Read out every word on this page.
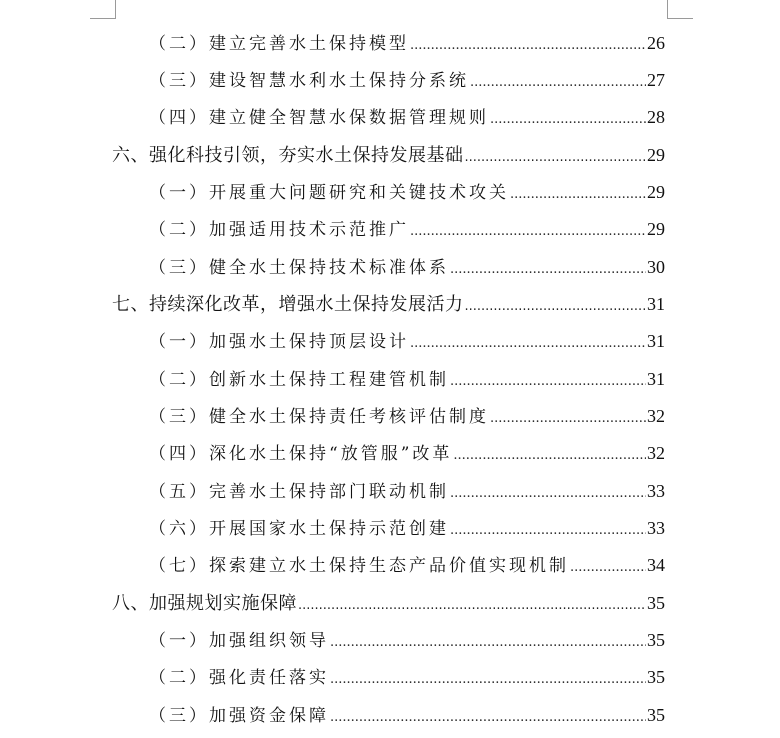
（二）建立完善水土保持模型 .....	26
（三）建设智慧水利水土保持分系统 .....	27
（四）建立健全智慧水保数据管理规则 .....	28
六、强化科技引领，夯实水土保持发展基础 .....	29
（一）开展重大问题研究和关键技术攻关 .....	29
（二）加强适用技术示范推广 .....	29
（三）健全水土保持技术标准体系 .....	30
七、持续深化改革，增强水土保持发展活力 .....	31
（一）加强水土保持顶层设计 .....	31
（二）创新水土保持工程建管机制 .....	31
（三）健全水土保持责任考核评估制度 .....	32
（四）深化水土保持“放管服”改革 .....	32
（五）完善水土保持部门联动机制 .....	33
（六）开展国家水土保持示范创建 .....	33
（七）探索建立水土保持生态产品价值实现机制 .....	34
八、加强规划实施保障 .....	35
（一）加强组织领导 .....	35
（二）强化责任落实 .....	35
（三）加强资金保障 .....	35
